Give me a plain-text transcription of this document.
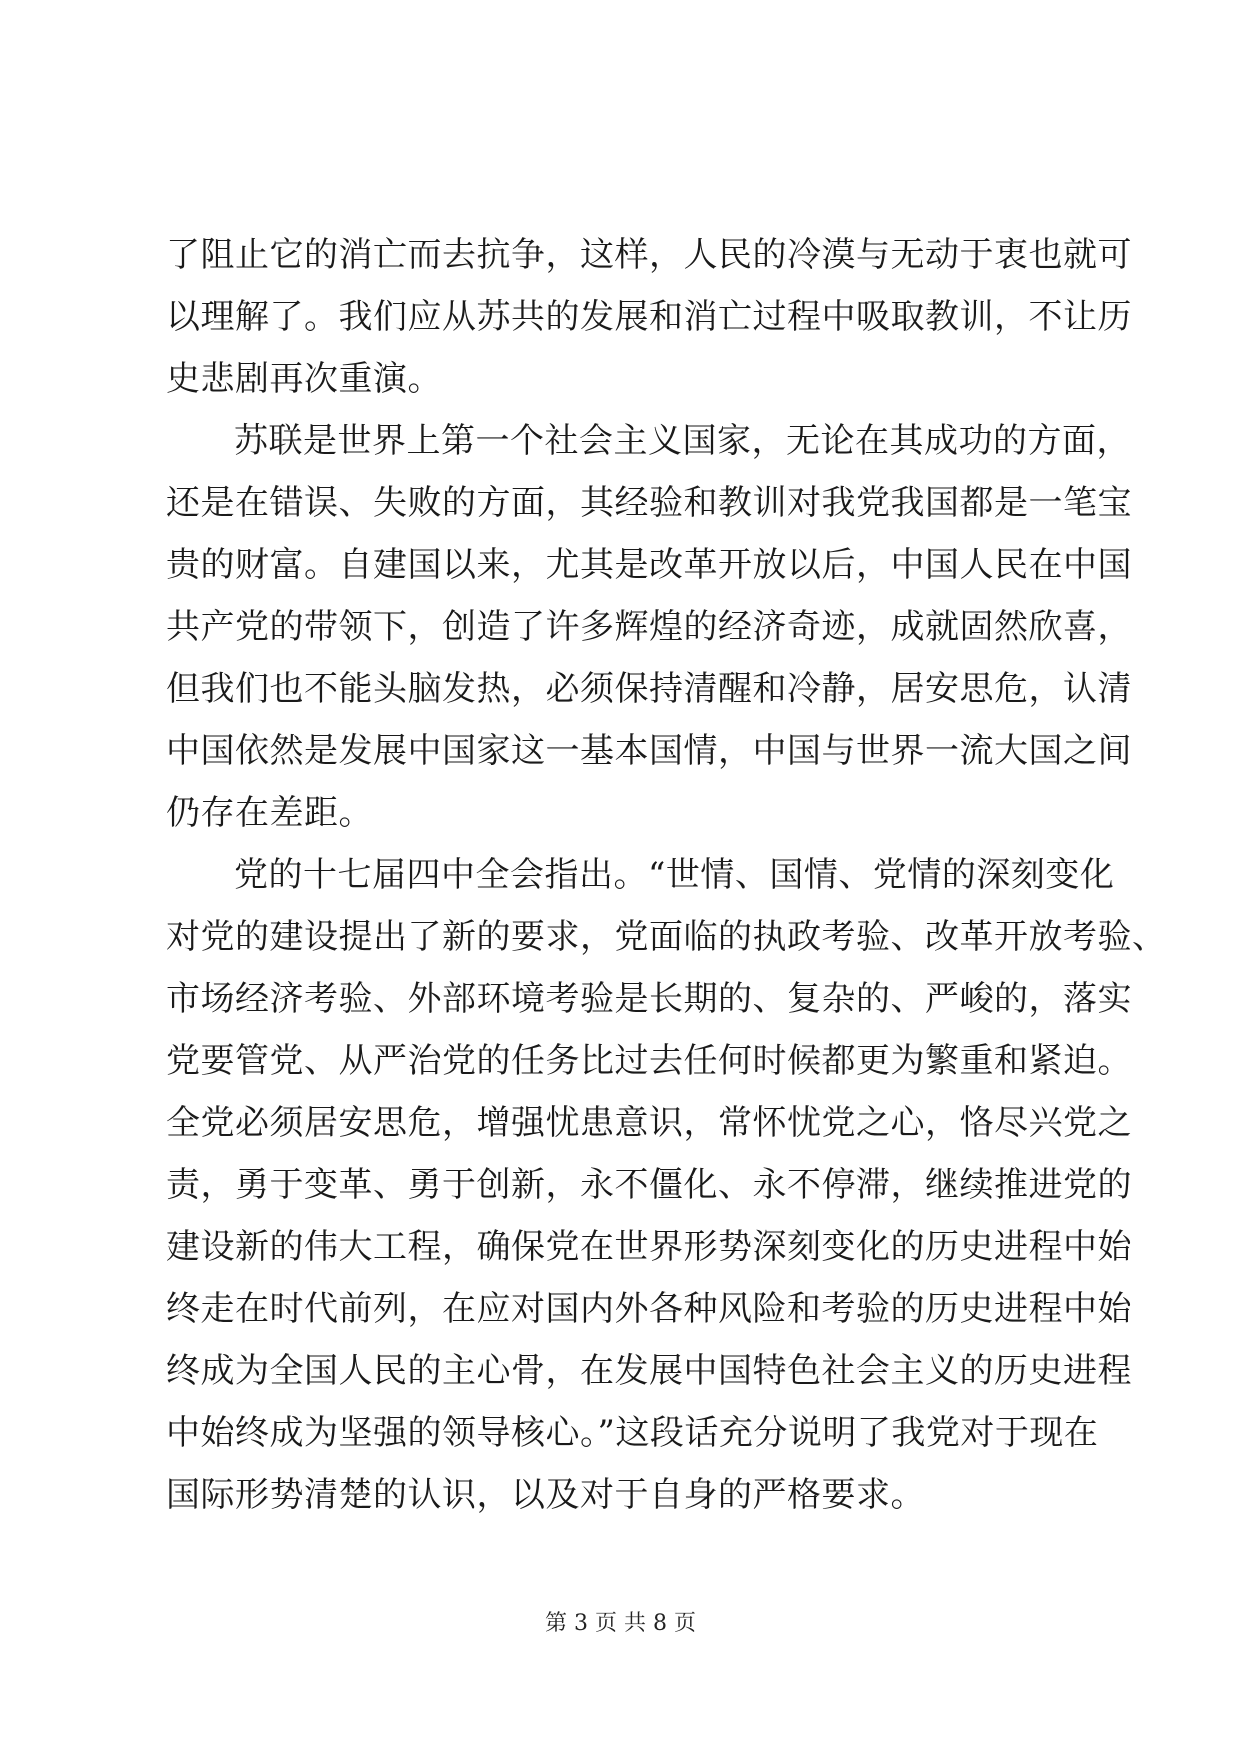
了阻止它的消亡而去抗争，这样，人民的冷漠与无动于衷也就可
以理解了。我们应从苏共的发展和消亡过程中吸取教训，不让历
史悲剧再次重演。
苏联是世界上第一个社会主义国家，无论在其成功的方面，
还是在错误、失败的方面，其经验和教训对我党我国都是一笔宝
贵的财富。自建国以来，尤其是改革开放以后，中国人民在中国
共产党的带领下，创造了许多辉煌的经济奇迹，成就固然欣喜，
但我们也不能头脑发热，必须保持清醒和冷静，居安思危，认清
中国依然是发展中国家这一基本国情，中国与世界一流大国之间
仍存在差距。
党的十七届四中全会指出。“世情、国情、党情的深刻变化
对党的建设提出了新的要求，党面临的执政考验、改革开放考验、
市场经济考验、外部环境考验是长期的、复杂的、严峻的，落实
党要管党、从严治党的任务比过去任何时候都更为繁重和紧迫。
全党必须居安思危，增强忧患意识，常怀忧党之心，恪尽兴党之
责，勇于变革、勇于创新，永不僵化、永不停滞，继续推进党的
建设新的伟大工程，确保党在世界形势深刻变化的历史进程中始
终走在时代前列，在应对国内外各种风险和考验的历史进程中始
终成为全国人民的主心骨，在发展中国特色社会主义的历史进程
中始终成为坚强的领导核心。”这段话充分说明了我党对于现在
国际形势清楚的认识，以及对于自身的严格要求。
第 3 页 共 8 页
